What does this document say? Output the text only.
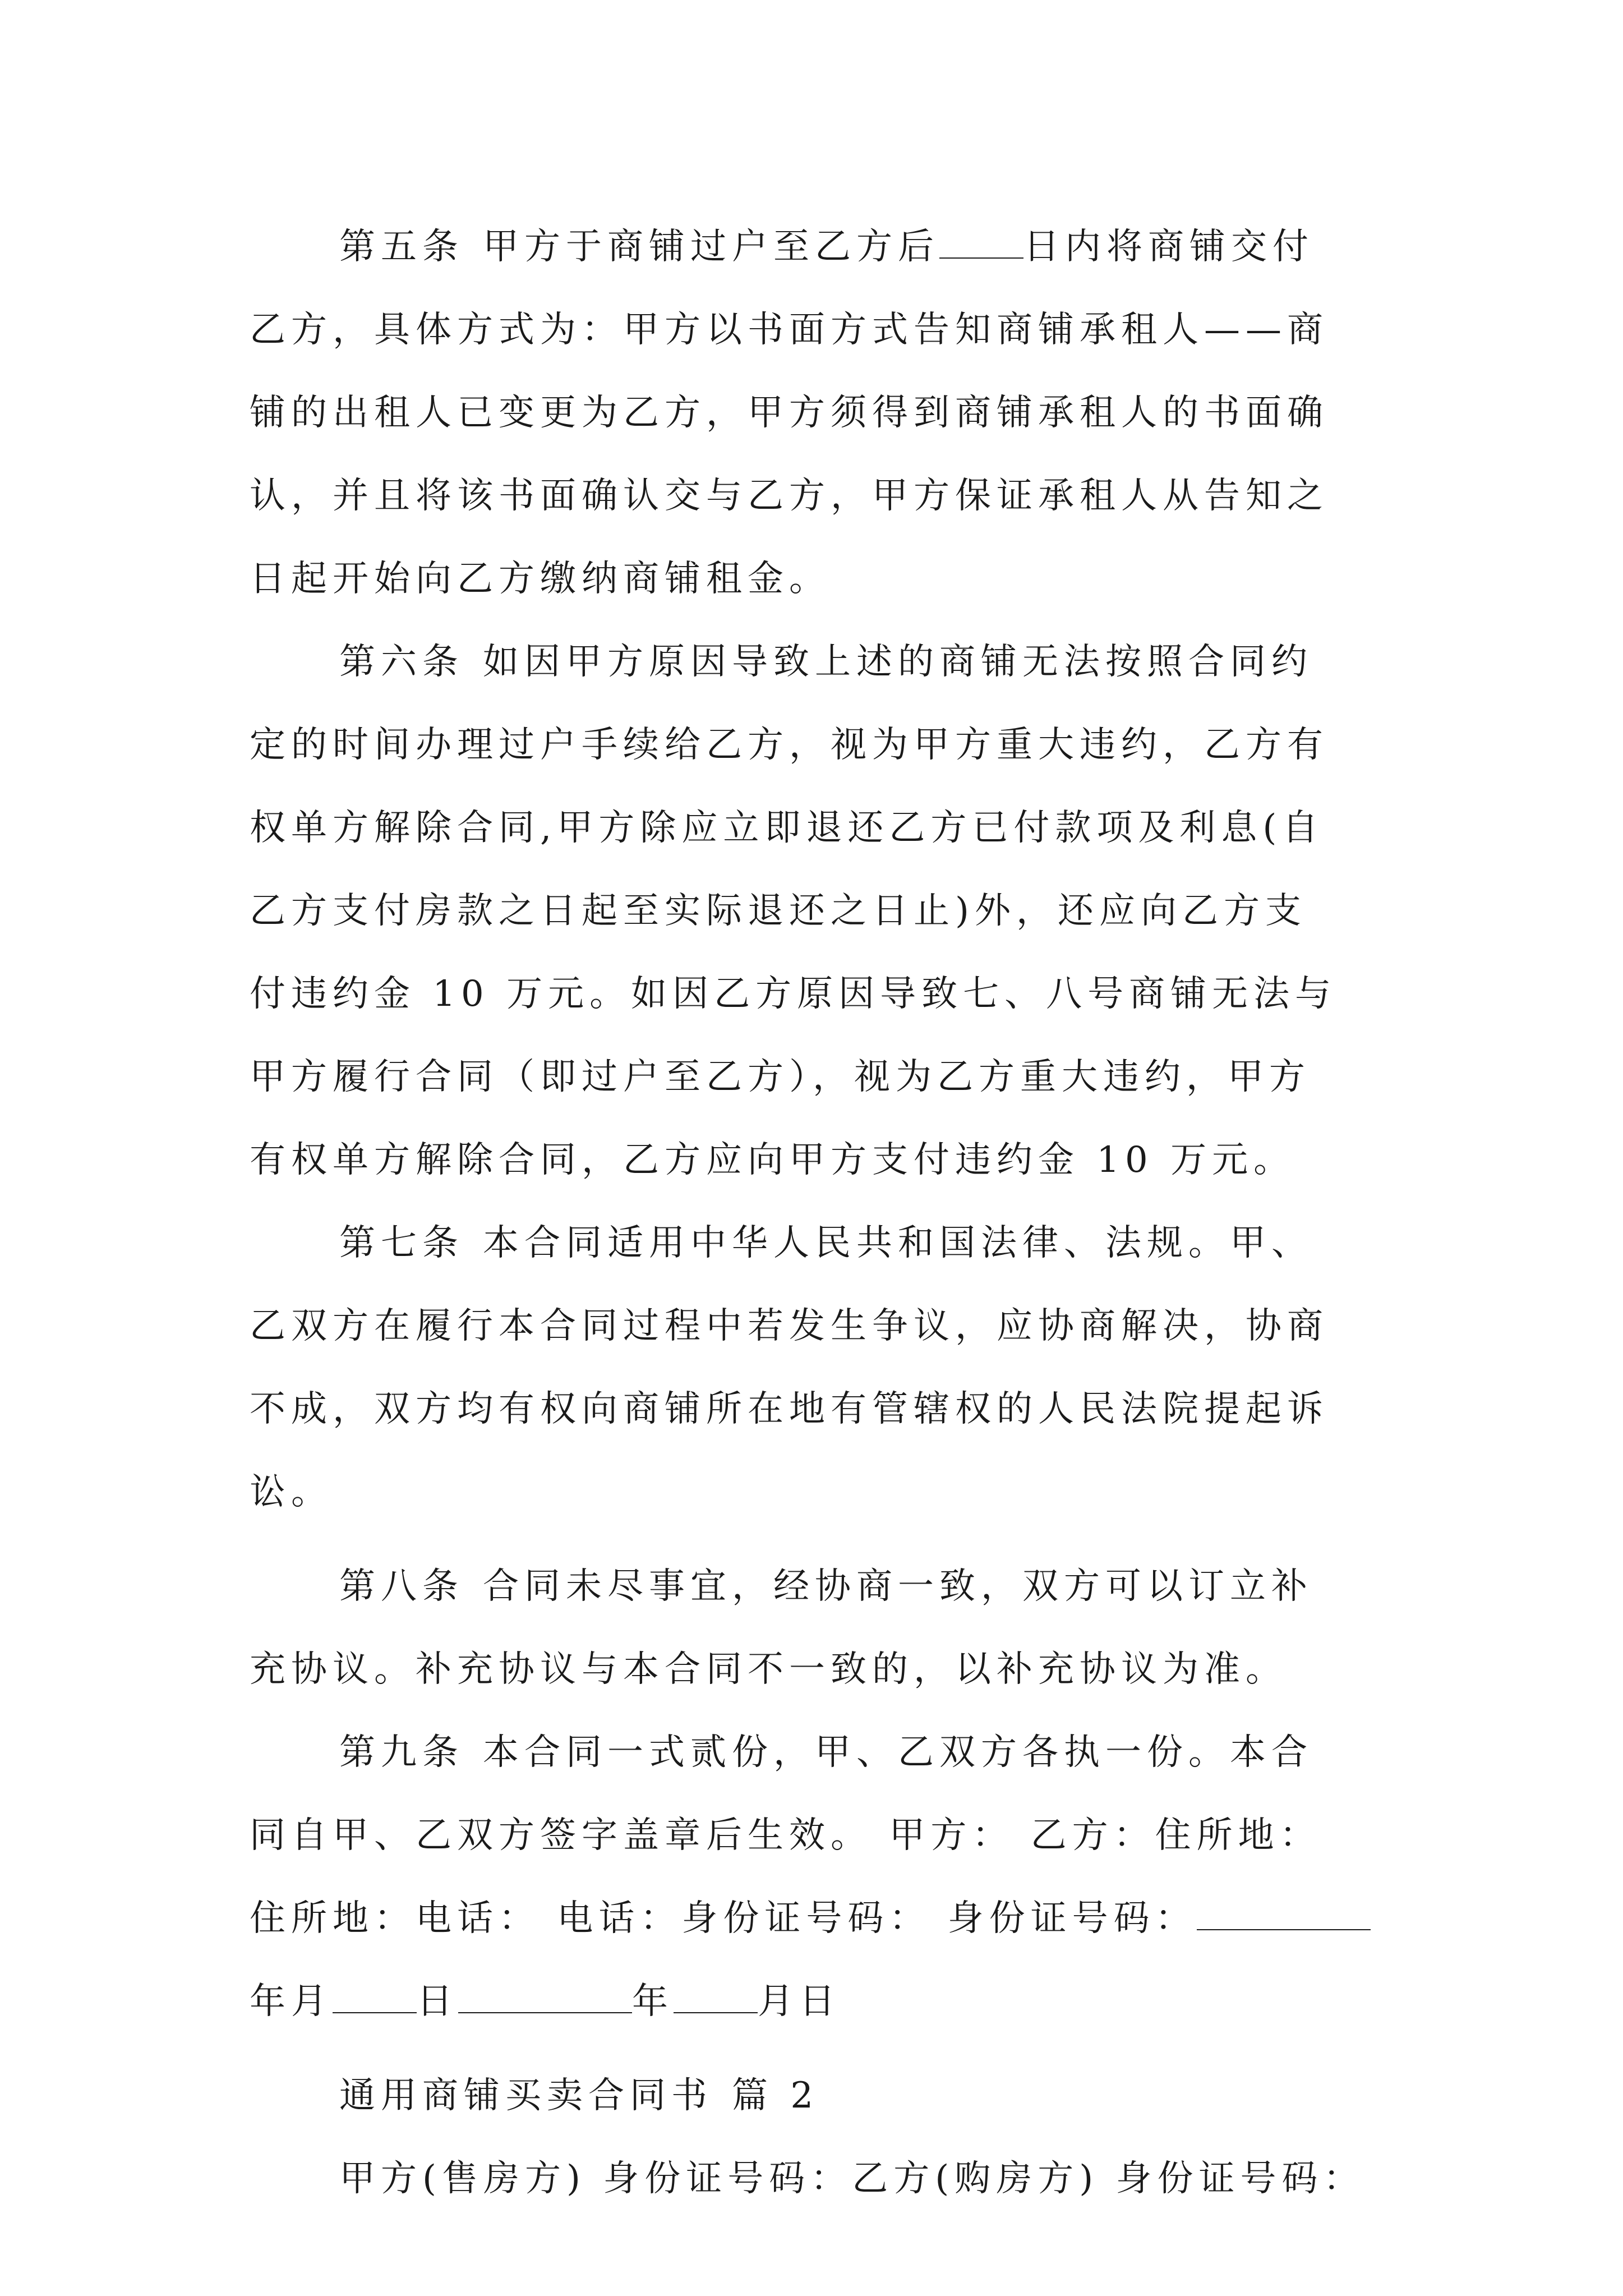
第五条 甲方于商铺过户至乙方后 日内将商铺交付
乙方，具体方式为：甲方以书面方式告知商铺承租人——商
铺的出租人已变更为乙方，甲方须得到商铺承租人的书面确
认，并且将该书面确认交与乙方，甲方保证承租人从告知之
日起开始向乙方缴纳商铺租金。
第六条 如因甲方原因导致上述的商铺无法按照合同约
定的时间办理过户手续给乙方，视为甲方重大违约，乙方有
权单方解除合同,甲方除应立即退还乙方已付款项及利息(自
乙方支付房款之日起至实际退还之日止)外，还应向乙方支
付违约金 10 万元。如因乙方原因导致七、八号商铺无法与
甲方履行合同（即过户至乙方），视为乙方重大违约，甲方
有权单方解除合同，乙方应向甲方支付违约金 10 万元。
第七条 本合同适用中华人民共和国法律、法规。甲、
乙双方在履行本合同过程中若发生争议，应协商解决，协商
不成，双方均有权向商铺所在地有管辖权的人民法院提起诉
讼。
第八条 合同未尽事宜，经协商一致，双方可以订立补
充协议。补充协议与本合同不一致的，以补充协议为准。
第九条 本合同一式贰份，甲、乙双方各执一份。本合
同自甲、乙双方签字盖章后生效。 甲方： 乙方：住所地：
住所地：电话： 电话：身份证号码： 身份证号码：
年月 日	年 月日
通用商铺买卖合同书 篇 2
甲方(售房方) 身份证号码：乙方(购房方) 身份证号码：
